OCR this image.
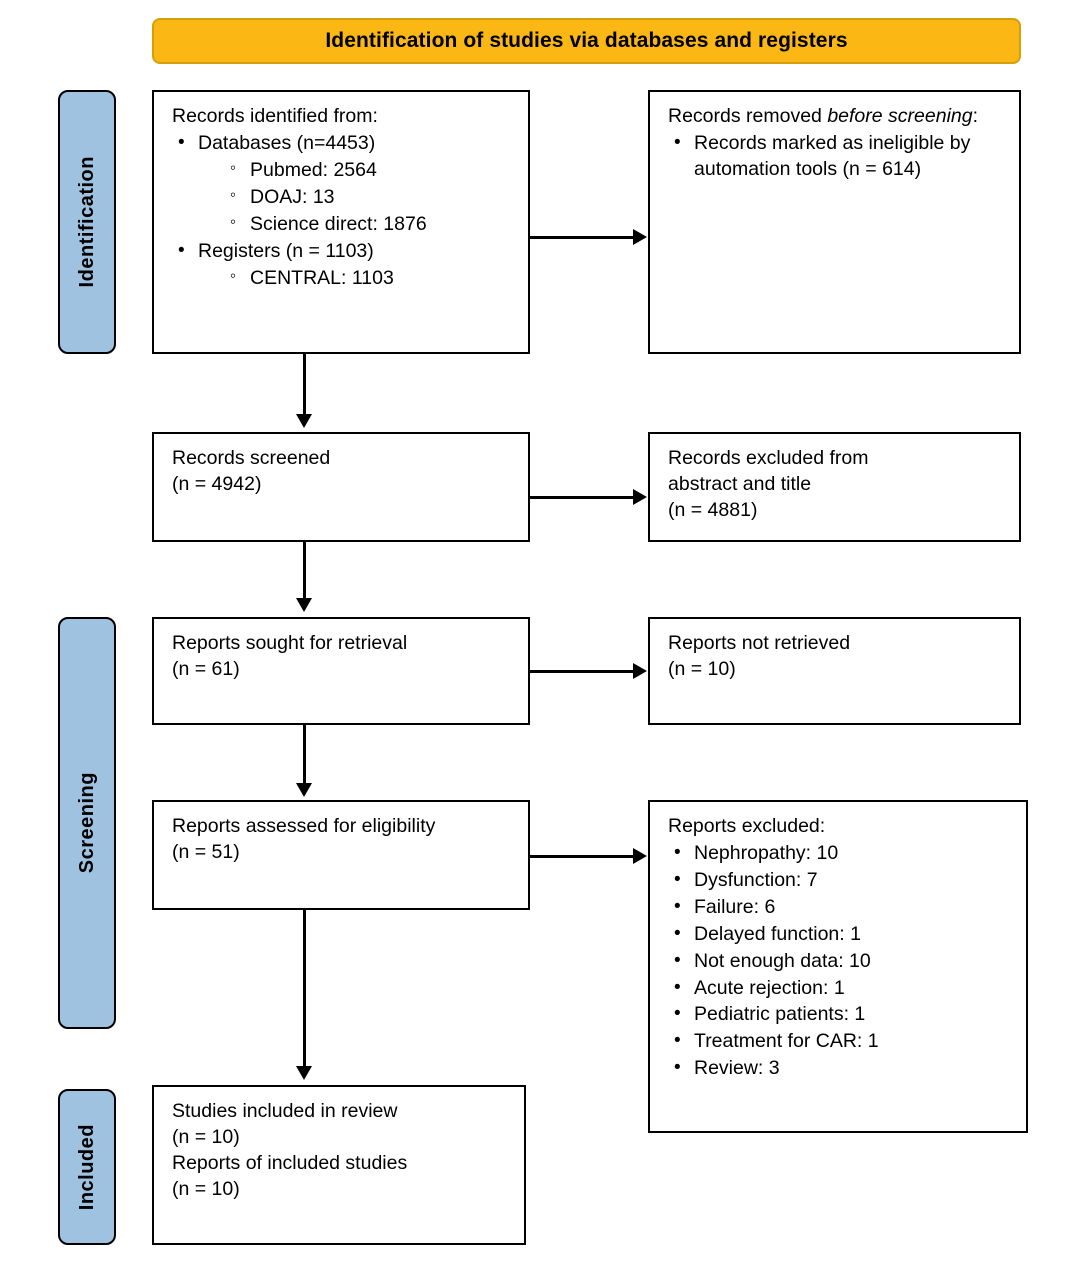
Identification of studies via databases and registers
Identification
Screening
Included

Records identified from:

• Databases (n=4453)
◦ Pubmed: 2564
◦ DOAJ: 13
◦ Science direct: 1876
• Registers (n = 1103)
◦ CENTRAL: 1103

Records removed before screening:

• Records marked as ineligible by automation tools (n = 614)

Records screened

(n = 4942)

Records excluded from

abstract and title

(n = 4881)

Reports sought for retrieval

(n = 61)

Reports not retrieved

(n = 10)

Reports assessed for eligibility

(n = 51)

Reports excluded:

• Nephropathy: 10
• Dysfunction: 7
• Failure: 6
• Delayed function: 1
• Not enough data: 10
• Acute rejection: 1
• Pediatric patients: 1
• Treatment for CAR: 1
• Review: 3

Studies included in review

(n = 10)

Reports of included studies

(n = 10)
